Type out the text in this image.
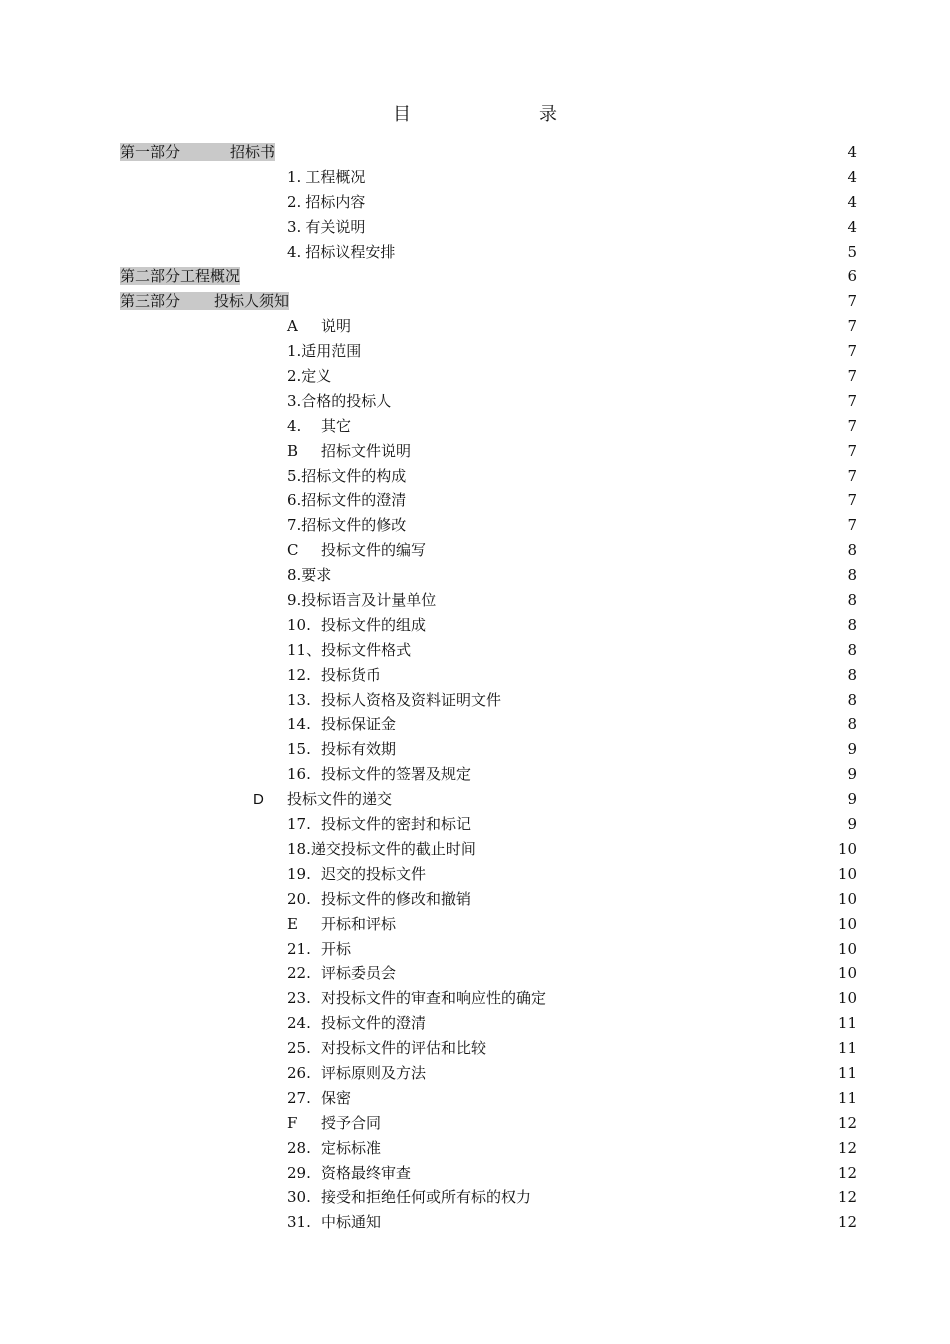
目	录
第一部分	招标书	4
1. 工程概况	4
2. 招标内容	4
3. 有关说明	4
4. 招标议程安排	5
第二部分工程概况	6
第三部分 投标人须知	7
A 说明	7
1.适用范围	7
2.定义	7
3.合格的投标人	7
4. 其它	7
B 招标文件说明	7
5.招标文件的构成	7
6.招标文件的澄清	7
7.招标文件的修改	7
C 投标文件的编写	8
8.要求	8
9.投标语言及计量单位	8
10. 投标文件的组成	8
11、投标文件格式	8
12. 投标货币	8
13. 投标人资格及资料证明文件	8
14. 投标保证金	8
15. 投标有效期	9
16. 投标文件的签署及规定	9
D 投标文件的递交	9
17. 投标文件的密封和标记	9
18.递交投标文件的截止时间	10
19. 迟交的投标文件	10
20. 投标文件的修改和撤销	10
E 开标和评标	10
21. 开标	10
22. 评标委员会	10
23. 对投标文件的审查和响应性的确定	10
24. 投标文件的澄清	11
25. 对投标文件的评估和比较	11
26. 评标原则及方法	11
27. 保密	11
F 授予合同	12
28. 定标标准	12
29. 资格最终审查	12
30. 接受和拒绝任何或所有标的权力	12
31. 中标通知	12
